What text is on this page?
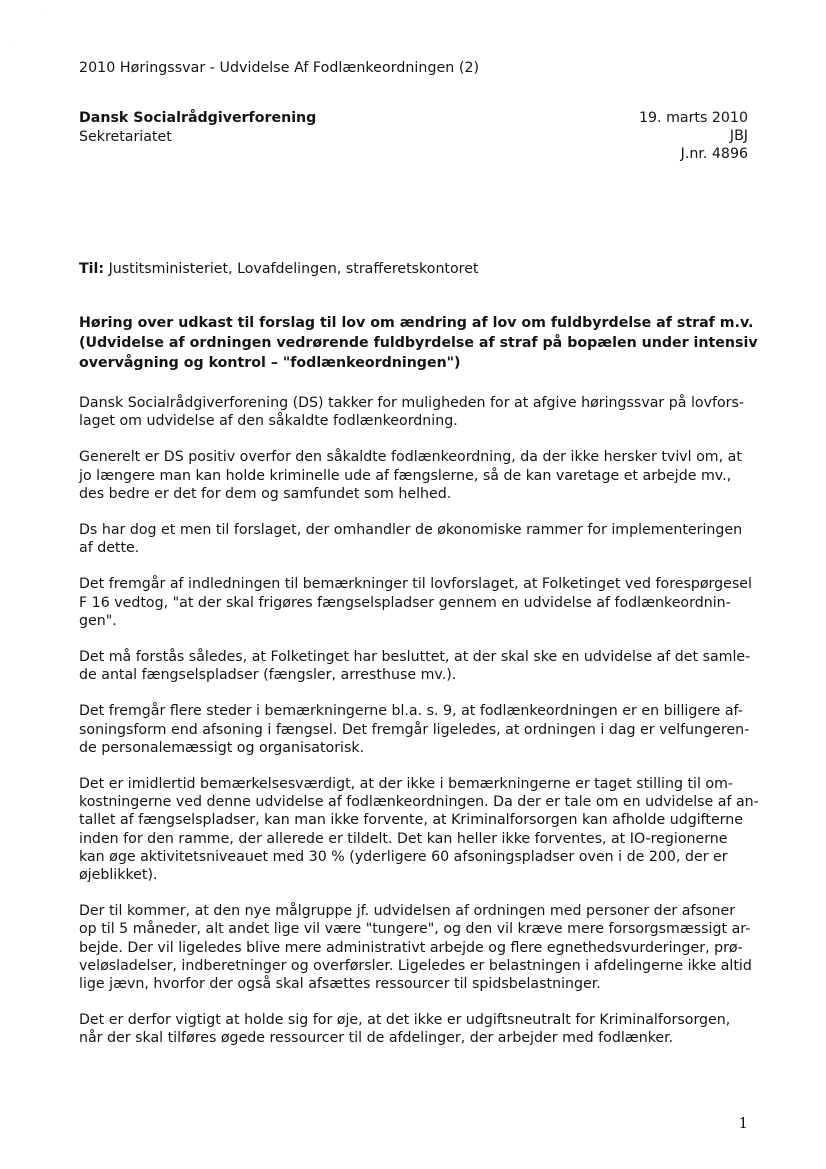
˙
˙
2010 Høringssvar - Udvidelse Af Fodlænkeordningen (2)
Dansk Socialrådgiverforening
Sekretariatet
19. marts 2010
JBJ
J.nr. 4896
Til: Justitsministeriet, Lovafdelingen, strafferetskontoret
Høring over udkast til forslag til lov om ændring af lov om fuldbyrdelse af straf m.v.
(Udvidelse af ordningen vedrørende fuldbyrdelse af straf på bopælen under intensiv
overvågning og kontrol – "fodlænkeordningen")
Dansk Socialrådgiverforening (DS) takker for muligheden for at afgive høringssvar på lovfors-
laget om udvidelse af den såkaldte fodlænkeordning.
Generelt er DS positiv overfor den såkaldte fodlænkeordning, da der ikke hersker tvivl om, at
jo længere man kan holde kriminelle ude af fængslerne, så de kan varetage et arbejde mv.,
des bedre er det for dem og samfundet som helhed.
Ds har dog et men til forslaget, der omhandler de økonomiske rammer for implementeringen
af dette.
Det fremgår af indledningen til bemærkninger til lovforslaget, at Folketinget ved forespørgesel
F 16 vedtog, "at der skal frigøres fængselspladser gennem en udvidelse af fodlænkeordnin-
gen".
Det må forstås således, at Folketinget har besluttet, at der skal ske en udvidelse af det samle-
de antal fængselspladser (fængsler, arresthuse mv.).
Det fremgår flere steder i bemærkningerne bl.a. s. 9, at fodlænkeordningen er en billigere af-
soningsform end afsoning i fængsel. Det fremgår ligeledes, at ordningen i dag er velfungeren-
de personalemæssigt og organisatorisk.
Det er imidlertid bemærkelsesværdigt, at der ikke i bemærkningerne er taget stilling til om-
kostningerne ved denne udvidelse af fodlænkeordningen. Da der er tale om en udvidelse af an-
tallet af fængselspladser, kan man ikke forvente, at Kriminalforsorgen kan afholde udgifterne
inden for den ramme, der allerede er tildelt. Det kan heller ikke forventes, at IO-regionerne
kan øge aktivitetsniveauet med 30 % (yderligere 60 afsoningspladser oven i de 200, der er
øjeblikket).
Der til kommer, at den nye målgruppe jf. udvidelsen af ordningen med personer der afsoner
op til 5 måneder, alt andet lige vil være "tungere", og den vil kræve mere forsorgsmæssigt ar-
bejde. Der vil ligeledes blive mere administrativt arbejde og flere egnethedsvurderinger, prø-
veløsladelser, indberetninger og overførsler. Ligeledes er belastningen i afdelingerne ikke altid
lige jævn, hvorfor der også skal afsættes ressourcer til spidsbelastninger.
Det er derfor vigtigt at holde sig for øje, at det ikke er udgiftsneutralt for Kriminalforsorgen,
når der skal tilføres øgede ressourcer til de afdelinger, der arbejder med fodlænker.
1
